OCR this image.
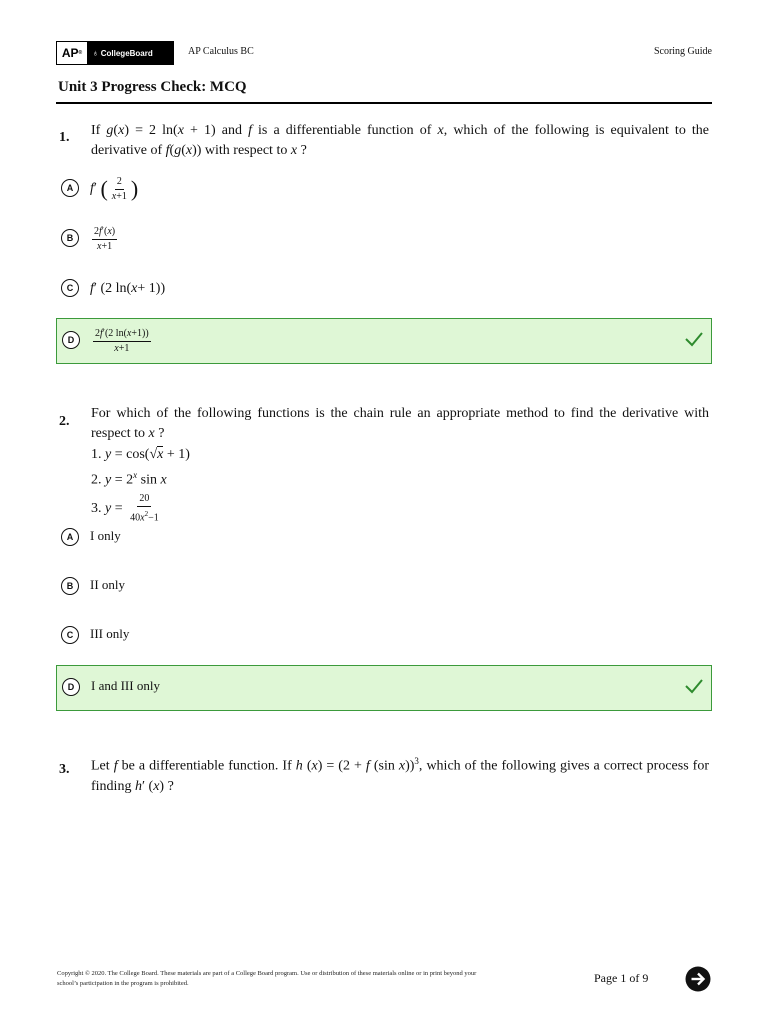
AP ® ♁ CollegeBoard	AP Calculus BC	Scoring Guide
Unit 3 Progress Check: MCQ
1. If g(x) = 2 ln(x + 1) and f is a differentiable function of x, which of the following is equivalent to the derivative of f(g(x)) with respect to x ?
A	f ′ ( $\frac{2}{x+1}$ )
B	$\frac{2f'(x)}{x+1}$
C	f ′ (2 ln( x + 1))
D	$\frac{2f'(2 \ln(x+1))}{x+1}$
2.
For which of the following functions is the chain rule an appropriate method to find the derivative with respect to x ?
1. y = cos(√x + 1)
2. $y = 2^x$ sin x
3. $y = \frac{20}{40x^2-1}$
A	I only
B	II only
C	III only
D	I and III only
3. Let f be a differentiable function. If h (x) = (2 + f (sin x))$^3$, which of the following gives a correct process for finding h′ (x) ?
Copyright © 2020. The College Board. These materials are part of a College Board program. Use or distribution of these materials online or in print beyond your school’s participation in the program is prohibited.	Page 1 of 9
